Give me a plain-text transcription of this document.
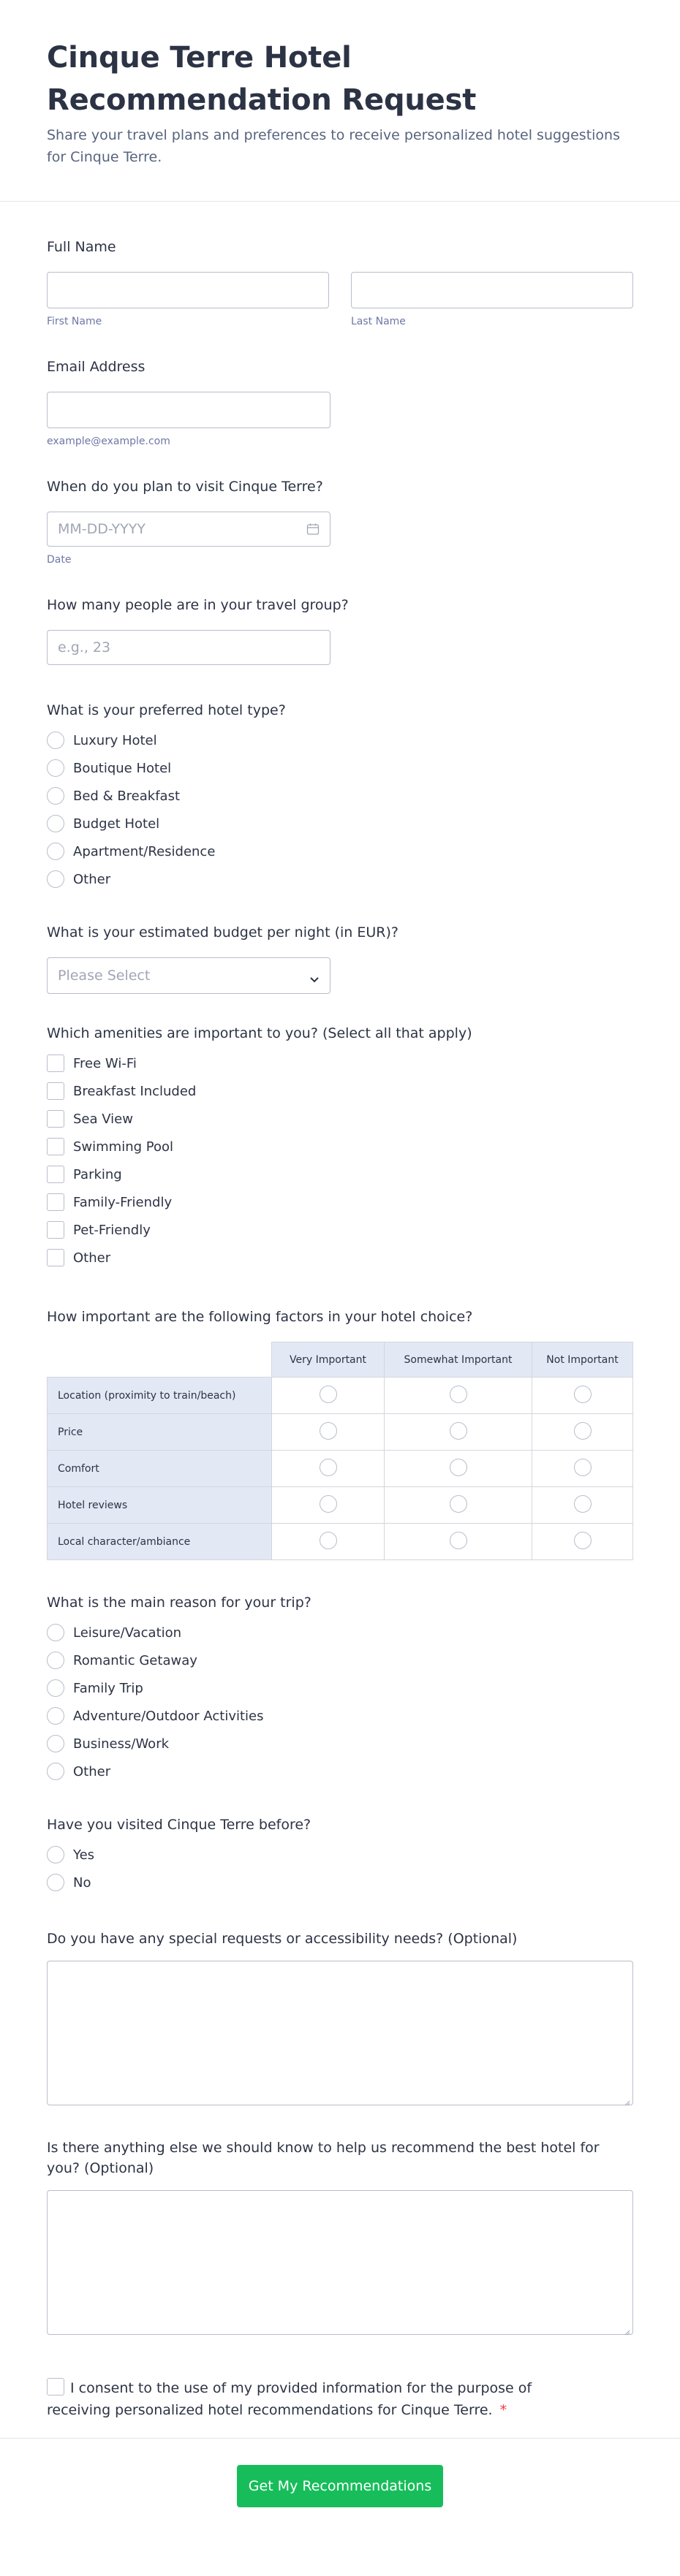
Cinque Terre Hotel Recommendation Request

Share your travel plans and preferences to receive personalized hotel suggestions for Cinque Terre.

Full Name
First Name	Last Name
Email Address
example@example.com
When do you plan to visit Cinque Terre?
MM-DD-YYYY
Date
How many people are in your travel group?
e.g., 23
What is your preferred hotel type?
Luxury Hotel
Boutique Hotel
Bed & Breakfast
Budget Hotel
Apartment/Residence
Other
What is your estimated budget per night (in EUR)?
Please Select
Which amenities are important to you? (Select all that apply)
Free Wi-Fi
Breakfast Included
Sea View
Swimming Pool
Parking
Family-Friendly
Pet-Friendly
Other
How important are the following factors in your hotel choice?
	Very Important	Somewhat Important	Not Important
Location (proximity to train/beach)			
Price			
Comfort			
Hotel reviews			
Local character/ambiance			
What is the main reason for your trip?
Leisure/Vacation
Romantic Getaway
Family Trip
Adventure/Outdoor Activities
Business/Work
Other
Have you visited Cinque Terre before?
Yes
No
Do you have any special requests or accessibility needs? (Optional)
Is there anything else we should know to help us recommend the best hotel for you? (Optional)
I consent to the use of my provided information for the purpose of receiving personalized hotel recommendations for Cinque Terre. *
Get My Recommendations
